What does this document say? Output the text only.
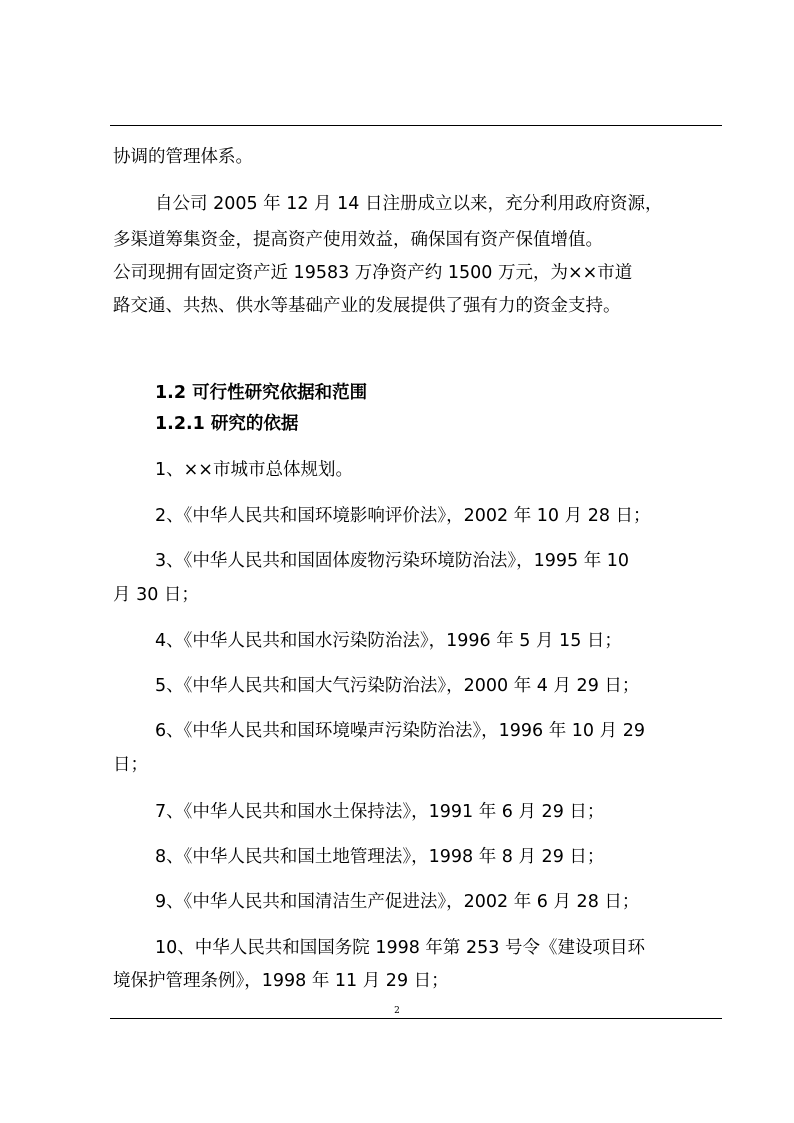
协调的管理体系。
自公司 2005 年 12 月 14 日注册成立以来，充分利用政府资源，
多渠道筹集资金，提高资产使用效益，确保国有资产保值增值。
公司现拥有固定资产近 19583 万净资产约 1500 万元，为××市道
路交通、共热、供水等基础产业的发展提供了强有力的资金支持。
1.2 可行性研究依据和范围
1.2.1 研究的依据
1、××市城市总体规划。
2、《中华人民共和国环境影响评价法》，2002 年 10 月 28 日；
3、《中华人民共和国固体废物污染环境防治法》，1995 年 10
月 30 日；
4、《中华人民共和国水污染防治法》，1996 年 5 月 15 日；
5、《中华人民共和国大气污染防治法》，2000 年 4 月 29 日；
6、《中华人民共和国环境噪声污染防治法》，1996 年 10 月 29
日；
7、《中华人民共和国水土保持法》，1991 年 6 月 29 日；
8、《中华人民共和国土地管理法》，1998 年 8 月 29 日；
9、《中华人民共和国清洁生产促进法》，2002 年 6 月 28 日；
10、中华人民共和国国务院 1998 年第 253 号令《建设项目环
境保护管理条例》，1998 年 11 月 29 日；
2
